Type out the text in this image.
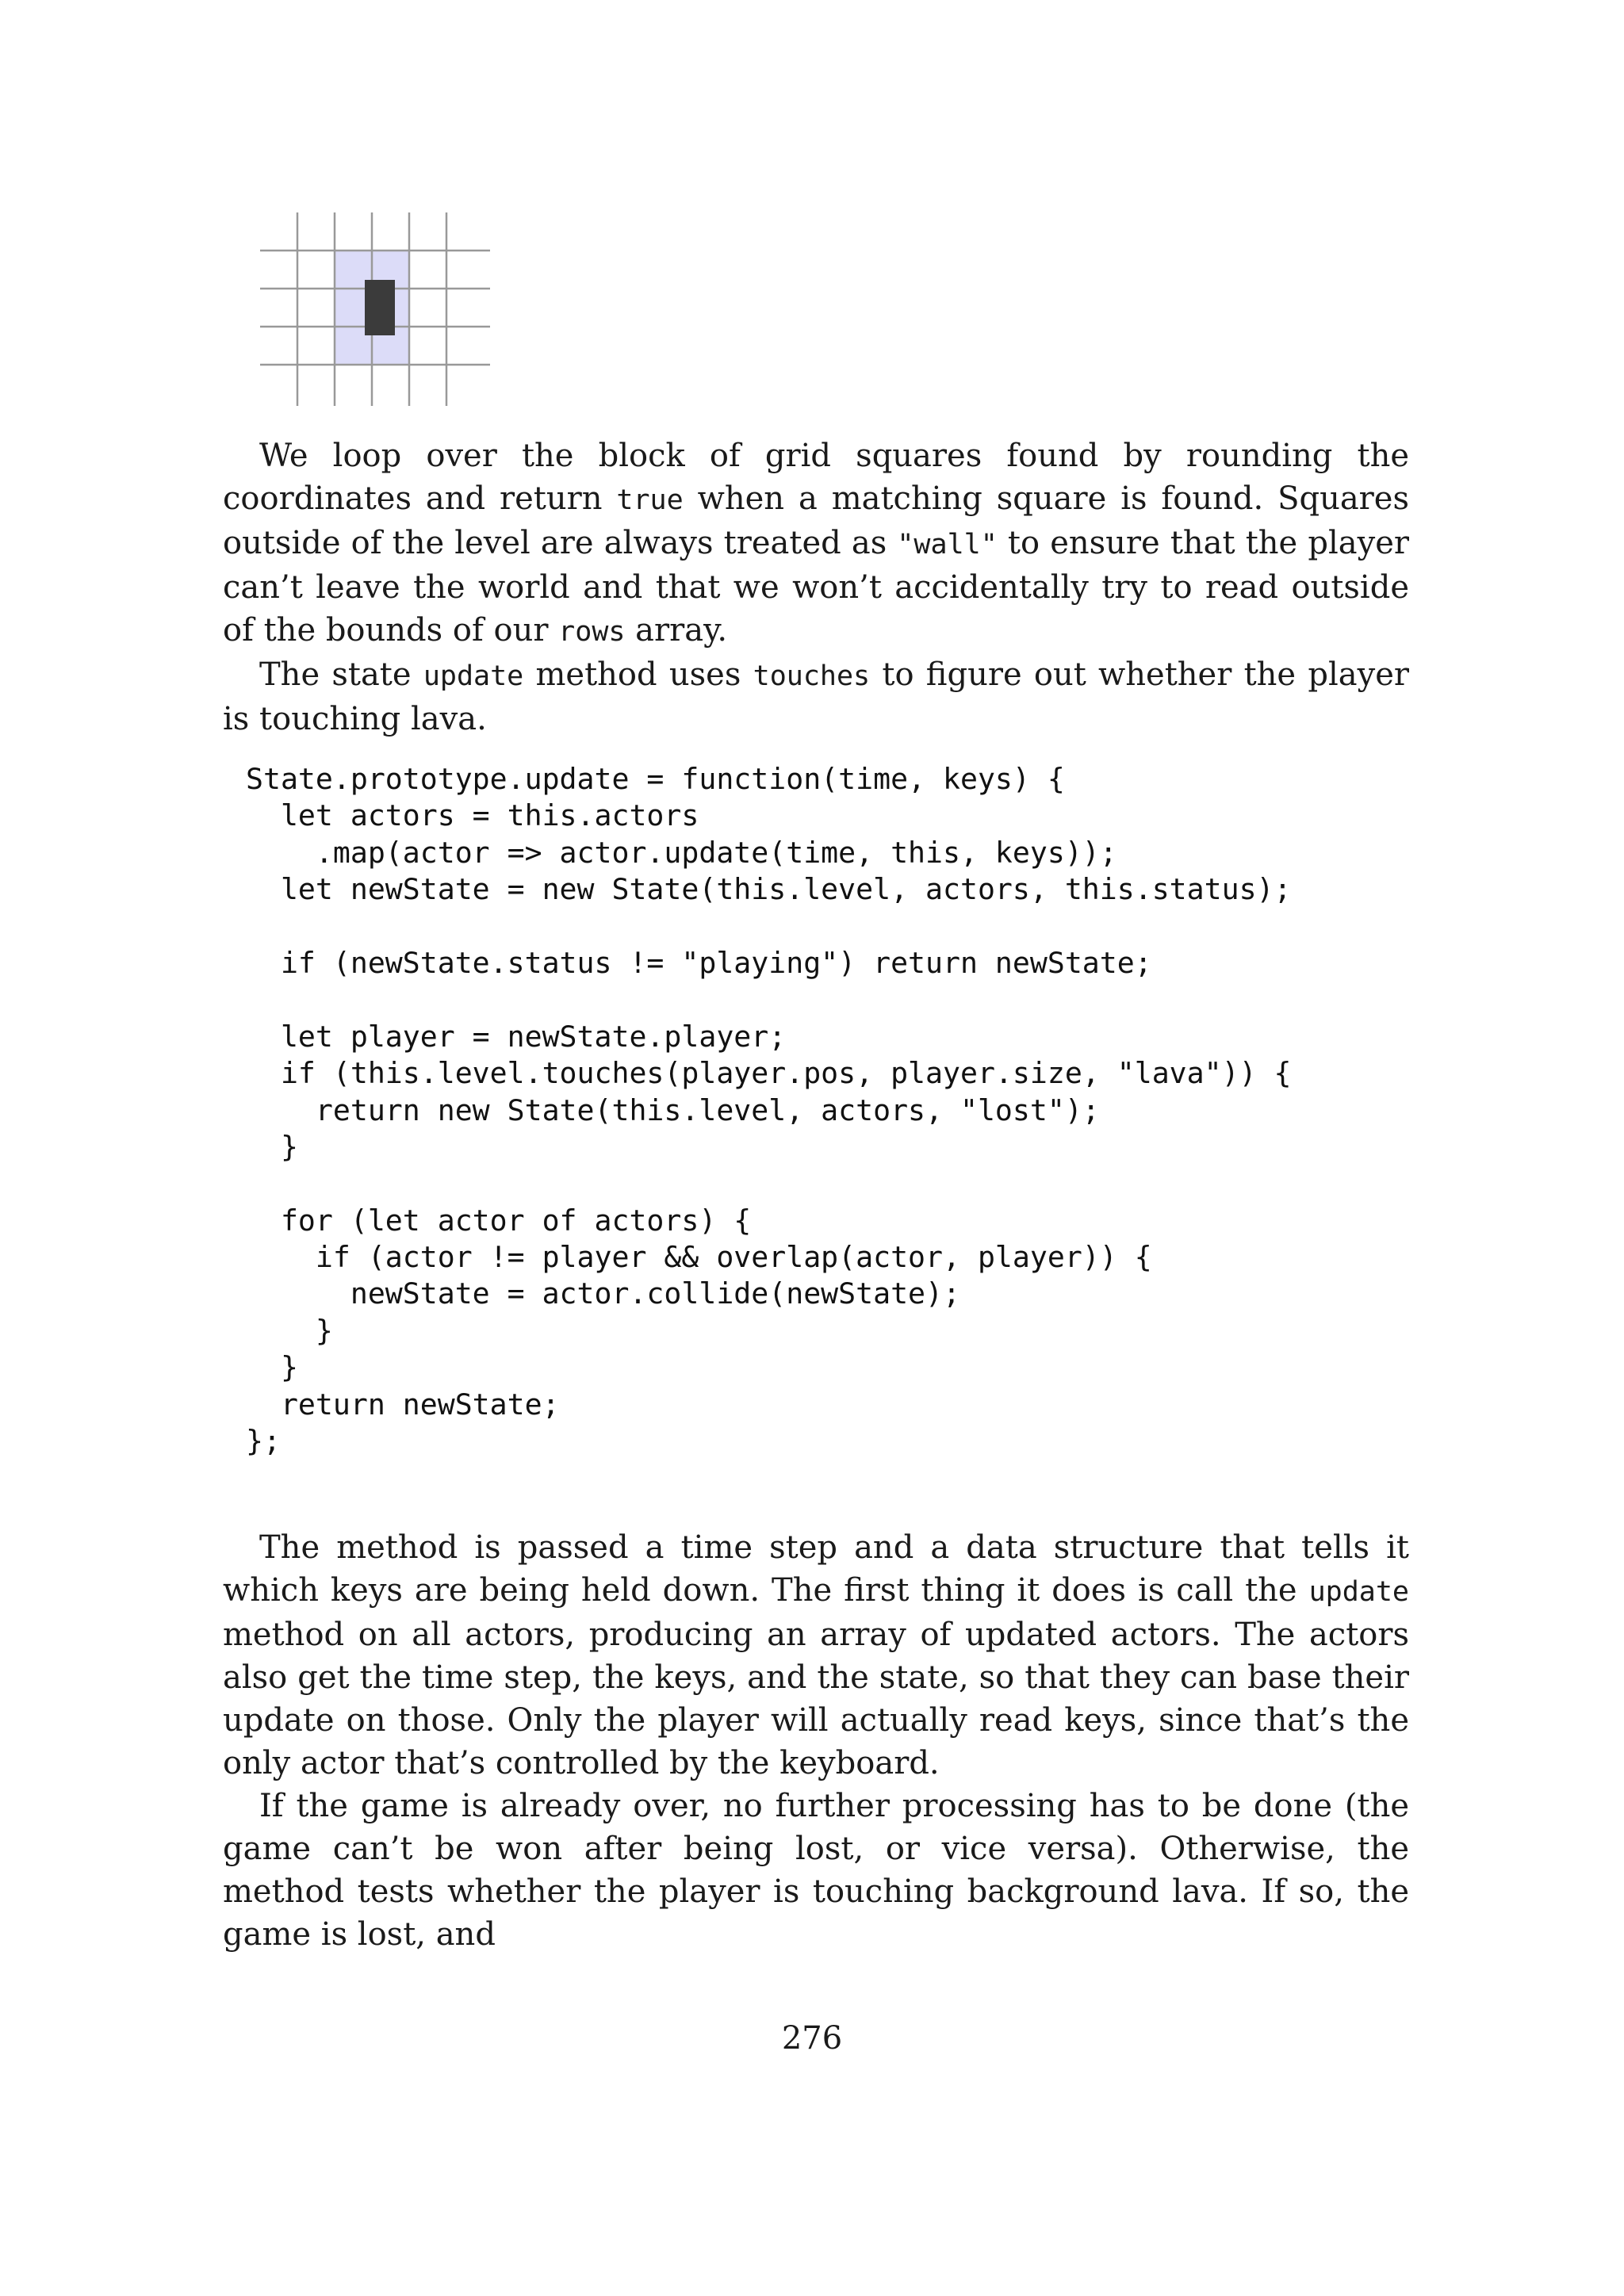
We loop over the block of grid squares found by rounding the coordinates and return true when a matching square is found. Squares outside of the level are always treated as "wall" to ensure that the player can’t leave the world and that we won’t accidentally try to read outside of the bounds of our rows array.

The state update method uses touches to figure out whether the player is touching lava.

State.prototype.update = function(time, keys) {
let actors = this.actors
.map(actor => actor.update(time, this, keys));
let newState = new State(this.level, actors, this.status);
if (newState.status != "playing") return newState;
let player = newState.player;
if (this.level.touches(player.pos, player.size, "lava")) {
return new State(this.level, actors, "lost");
}
for (let actor of actors) {
if (actor != player && overlap(actor, player)) {
newState = actor.collide(newState);
}
}
return newState;
};

The method is passed a time step and a data structure that tells it which keys are being held down. The first thing it does is call the update method on all actors, producing an array of updated actors. The actors also get the time step, the keys, and the state, so that they can base their update on those. Only the player will actually read keys, since that’s the only actor that’s controlled by the keyboard.

If the game is already over, no further processing has to be done (the game can’t be won after being lost, or vice versa). Otherwise, the method tests whether the player is touching background lava. If so, the game is lost, and

276
